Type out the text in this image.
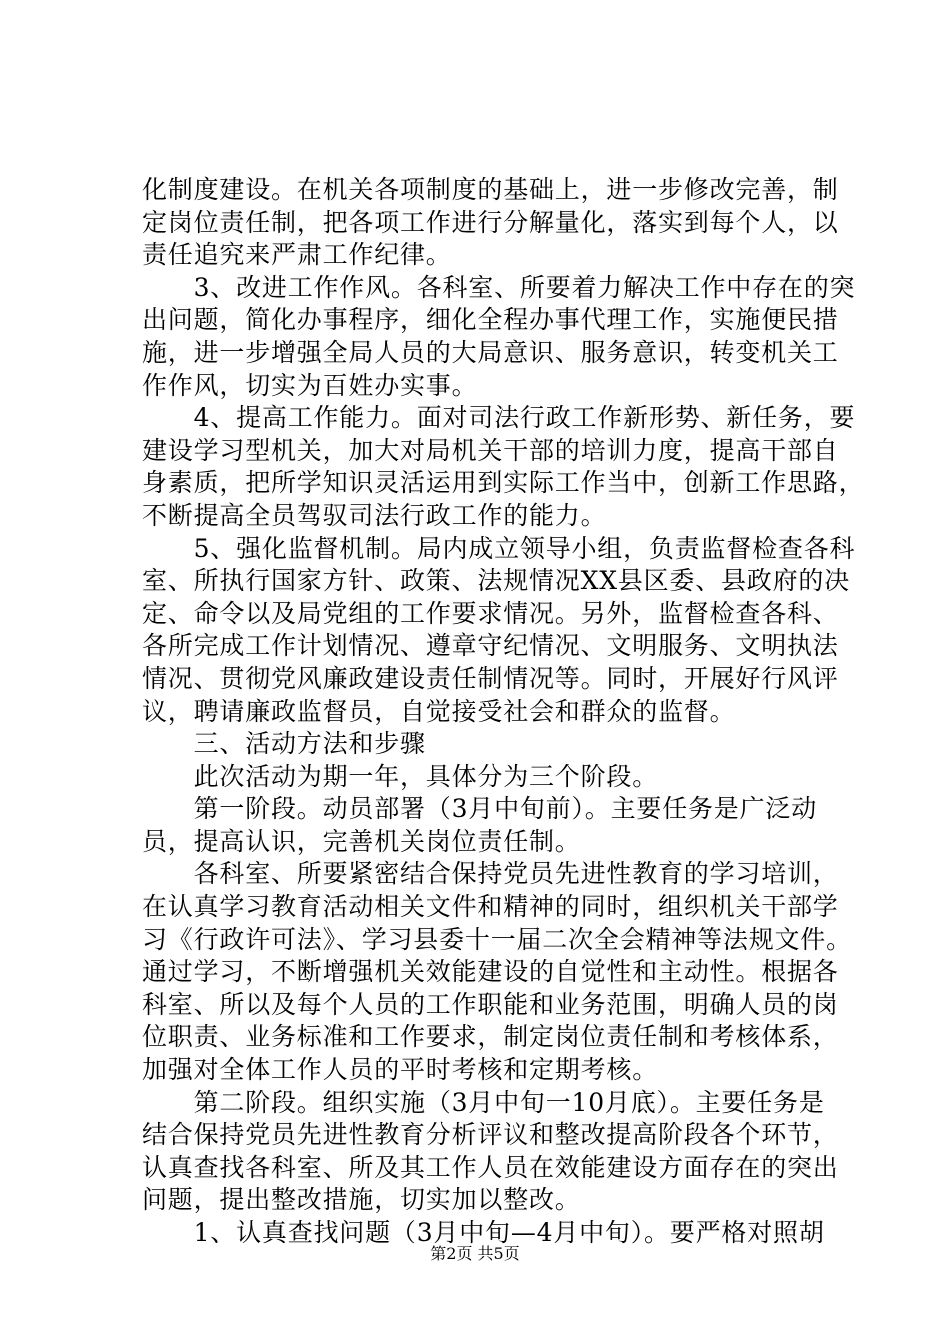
化制度建设。在机关各项制度的基础上，进一步修改完善，制
定岗位责任制，把各项工作进行分解量化，落实到每个人，以
责任追究来严肃工作纪律。
　　3、改进工作作风。各科室、所要着力解决工作中存在的突
出问题，简化办事程序，细化全程办事代理工作，实施便民措
施，进一步增强全局人员的大局意识、服务意识，转变机关工
作作风，切实为百姓办实事。
　　4、提高工作能力。面对司法行政工作新形势、新任务，要
建设学习型机关，加大对局机关干部的培训力度，提高干部自
身素质，把所学知识灵活运用到实际工作当中，创新工作思路，
不断提高全员驾驭司法行政工作的能力。
　　5、强化监督机制。局内成立领导小组，负责监督检查各科
室、所执行国家方针、政策、法规情况XX县区委、县政府的决
定、命令以及局党组的工作要求情况。另外，监督检查各科、
各所完成工作计划情况、遵章守纪情况、文明服务、文明执法
情况、贯彻党风廉政建设责任制情况等。同时，开展好行风评
议，聘请廉政监督员，自觉接受社会和群众的监督。
　　三、活动方法和步骤
　　此次活动为期一年，具体分为三个阶段。
　　第一阶段。动员部署（3月中旬前）。主要任务是广泛动
员，提高认识，完善机关岗位责任制。
　　各科室、所要紧密结合保持党员先进性教育的学习培训，
在认真学习教育活动相关文件和精神的同时，组织机关干部学
习《行政许可法》、学习县委十一届二次全会精神等法规文件。
通过学习，不断增强机关效能建设的自觉性和主动性。根据各
科室、所以及每个人员的工作职能和业务范围，明确人员的岗
位职责、业务标准和工作要求，制定岗位责任制和考核体系，
加强对全体工作人员的平时考核和定期考核。
　　第二阶段。组织实施（3月中旬一10月底）。主要任务是
结合保持党员先进性教育分析评议和整改提高阶段各个环节，
认真查找各科室、所及其工作人员在效能建设方面存在的突出
问题，提出整改措施，切实加以整改。
　　1、认真查找问题（3月中旬—4月中旬）。要严格对照胡
第2页 共5页
